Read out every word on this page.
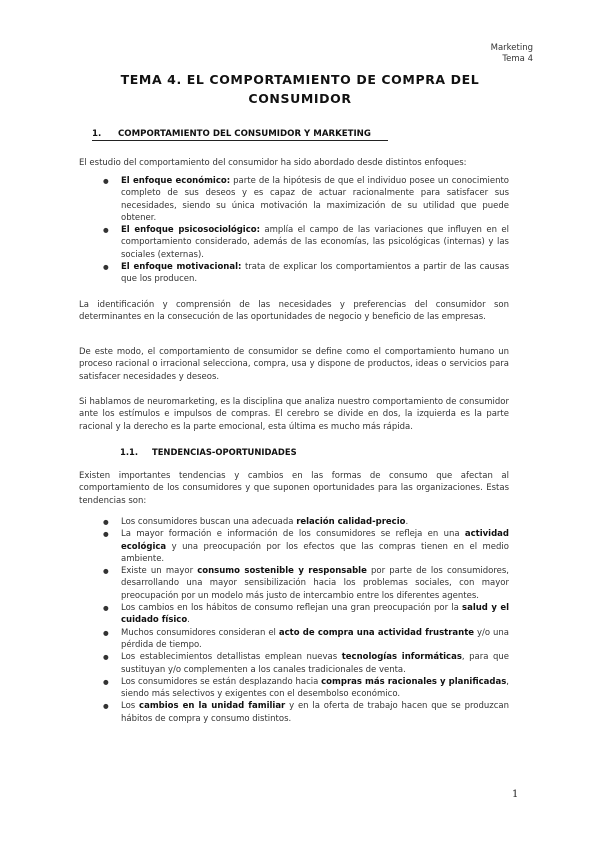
Marketing
Tema 4
TEMA 4. EL COMPORTAMIENTO DE COMPRA DEL
CONSUMIDOR
1. COMPORTAMIENTO DEL CONSUMIDOR Y MARKETING

El estudio del comportamiento del consumidor ha sido abordado desde distintos enfoques:

● El enfoque económico: parte de la hipótesis de que el individuo posee un conocimiento completo de sus deseos y es capaz de actuar racionalmente para satisfacer sus necesidades, siendo su única motivación la maximización de su utilidad que puede obtener.
● El enfoque psicosociológico: amplía el campo de las variaciones que influyen en el comportamiento considerado, además de las economías, las psicológicas (internas) y las sociales (externas).
● El enfoque motivacional: trata de explicar los comportamientos a partir de las causas que los producen.

La identificación y comprensión de las necesidades y preferencias del consumidor son determinantes en la consecución de las oportunidades de negocio y beneficio de las empresas.

De este modo, el comportamiento de consumidor se define como el comportamiento humano un proceso racional o irracional selecciona, compra, usa y dispone de productos, ideas o servicios para satisfacer necesidades y deseos.

Si hablamos de neuromarketing, es la disciplina que analiza nuestro comportamiento de consumidor ante los estímulos e impulsos de compras. El cerebro se divide en dos, la izquierda es la parte racional y la derecho es la parte emocional, esta última es mucho más rápida.

1.1. TENDENCIAS-OPORTUNIDADES

Existen importantes tendencias y cambios en las formas de consumo que afectan al comportamiento de los consumidores y que suponen oportunidades para las organizaciones. Estas tendencias son:

● Los consumidores buscan una adecuada relación calidad-precio.
● La mayor formación e información de los consumidores se refleja en una actividad ecológica y una preocupación por los efectos que las compras tienen en el medio ambiente.
● Existe un mayor consumo sostenible y responsable por parte de los consumidores, desarrollando una mayor sensibilización hacia los problemas sociales, con mayor preocupación por un modelo más justo de intercambio entre los diferentes agentes.
● Los cambios en los hábitos de consumo reflejan una gran preocupación por la salud y el cuidado físico.
● Muchos consumidores consideran el acto de compra una actividad frustrante y/o una pérdida de tiempo.
● Los establecimientos detallistas emplean nuevas tecnologías informáticas, para que sustituyan y/o complementen a los canales tradicionales de venta.
● Los consumidores se están desplazando hacia compras más racionales y planificadas, siendo más selectivos y exigentes con el desembolso económico.
● Los cambios en la unidad familiar y en la oferta de trabajo hacen que se produzcan hábitos de compra y consumo distintos.
1
